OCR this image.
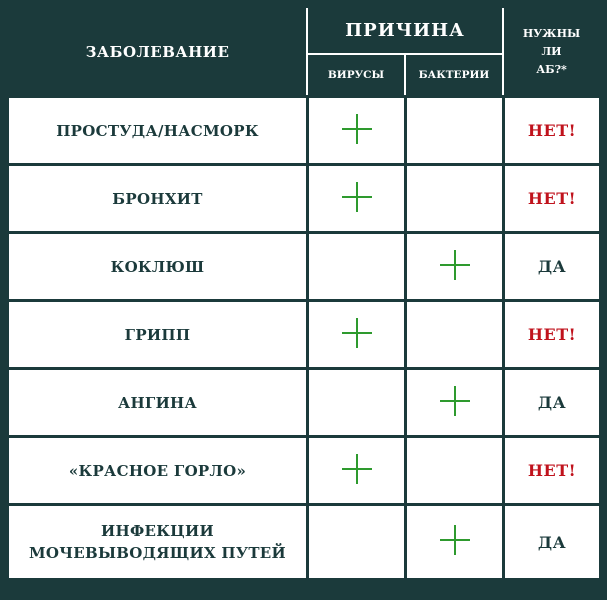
ЗАБОЛЕВАНИЕ	ПРИЧИНА		НУЖНЫ
ЛИ
АБ?*
	ВИРУСЫ	БАКТЕРИИ	
ПРОСТУДА/НАСМОРК			НЕТ!
БРОНХИТ			НЕТ!
КОКЛЮШ			ДА
ГРИПП			НЕТ!
АНГИНА			ДА
«КРАСНОЕ ГОРЛО»			НЕТ!
ИНФЕКЦИИ
МОЧЕВЫВОДЯЩИХ ПУТЕЙ			ДА
